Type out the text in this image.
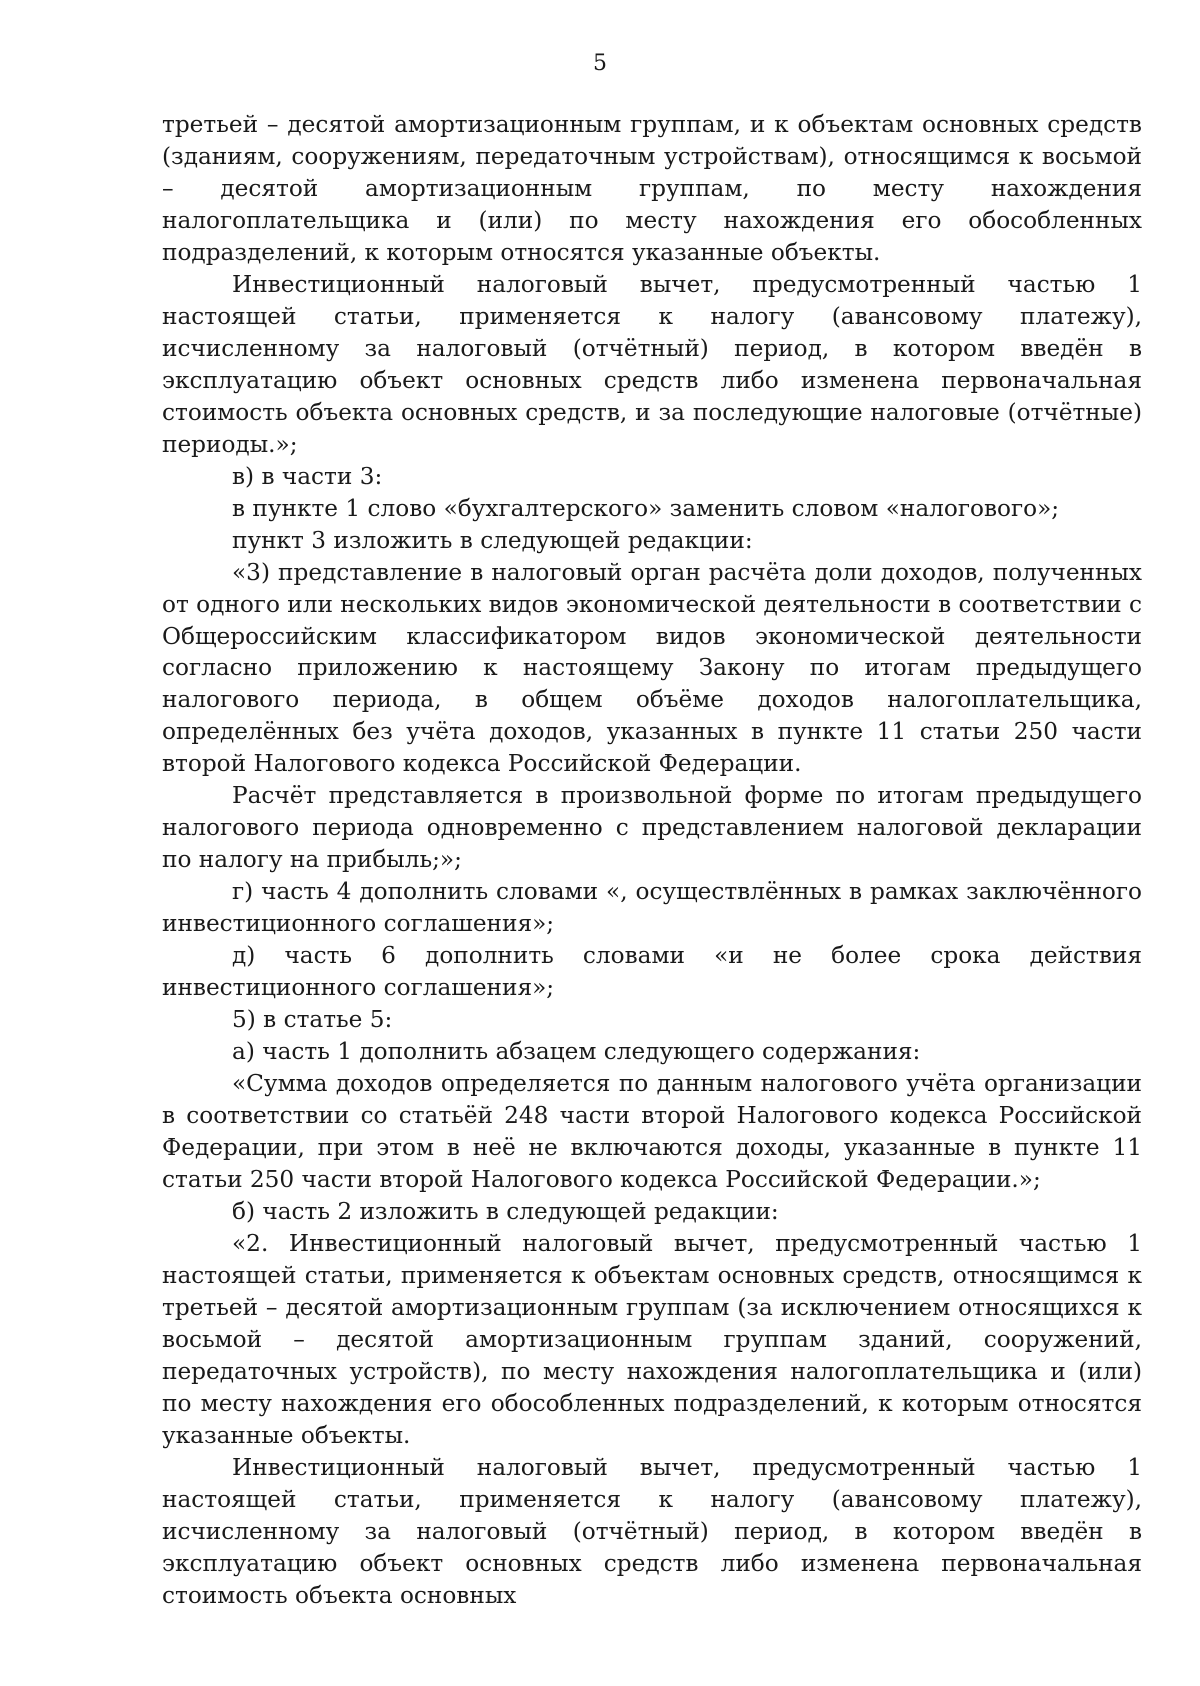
5

третьей – десятой амортизационным группам, и к объектам основных средств (зданиям, сооружениям, передаточным устройствам), относящимся к восьмой – десятой амортизационным группам, по месту нахождения налогоплательщика и (или) по месту нахождения его обособленных подразделений, к которым относятся указанные объекты.

Инвестиционный налоговый вычет, предусмотренный частью 1 настоящей статьи, применяется к налогу (авансовому платежу), исчисленному за налоговый (отчётный) период, в котором введён в эксплуатацию объект основных средств либо изменена первоначальная стоимость объекта основных средств, и за последующие налоговые (отчётные) периоды.»;

в) в части 3:

в пункте 1 слово «бухгалтерского» заменить словом «налогового»;

пункт 3 изложить в следующей редакции:

«3) представление в налоговый орган расчёта доли доходов, полученных от одного или нескольких видов экономической деятельности в соответствии с Общероссийским классификатором видов экономической деятельности согласно приложению к настоящему Закону по итогам предыдущего налогового периода, в общем объёме доходов налогоплательщика, определённых без учёта доходов, указанных в пункте 11 статьи 250 части второй Налогового кодекса Российской Федерации.

Расчёт представляется в произвольной форме по итогам предыдущего налогового периода одновременно с представлением налоговой декларации по налогу на прибыль;»;

г) часть 4 дополнить словами «, осуществлённых в рамках заключённого инвестиционного соглашения»;

д) часть 6 дополнить словами «и не более срока действия инвестиционного соглашения»;

5) в статье 5:

а) часть 1 дополнить абзацем следующего содержания:

«Сумма доходов определяется по данным налогового учёта организации в соответствии со статьёй 248 части второй Налогового кодекса Российской Федерации, при этом в неё не включаются доходы, указанные в пункте 11 статьи 250 части второй Налогового кодекса Российской Федерации.»;

б) часть 2 изложить в следующей редакции:

«2. Инвестиционный налоговый вычет, предусмотренный частью 1 настоящей статьи, применяется к объектам основных средств, относящимся к третьей – десятой амортизационным группам (за исключением относящихся к восьмой – десятой амортизационным группам зданий, сооружений, передаточных устройств), по месту нахождения налогоплательщика и (или) по месту нахождения его обособленных подразделений, к которым относятся указанные объекты.

Инвестиционный налоговый вычет, предусмотренный частью 1 настоящей статьи, применяется к налогу (авансовому платежу), исчисленному за налоговый (отчётный) период, в котором введён в эксплуатацию объект основных средств либо изменена первоначальная стоимость объекта основных
